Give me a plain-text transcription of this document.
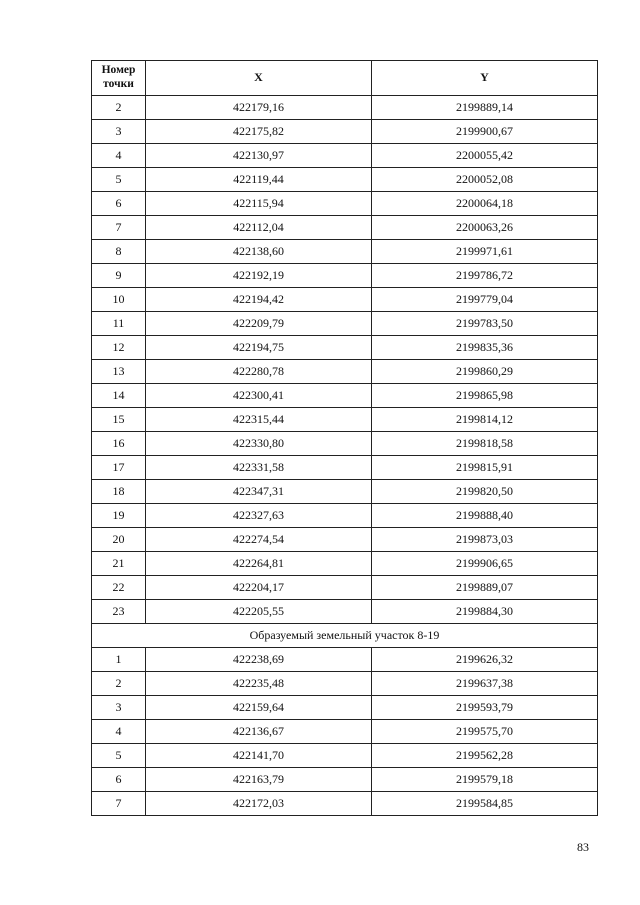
Номер
точки	X	Y
2	422179,16	2199889,14
3	422175,82	2199900,67
4	422130,97	2200055,42
5	422119,44	2200052,08
6	422115,94	2200064,18
7	422112,04	2200063,26
8	422138,60	2199971,61
9	422192,19	2199786,72
10	422194,42	2199779,04
11	422209,79	2199783,50
12	422194,75	2199835,36
13	422280,78	2199860,29
14	422300,41	2199865,98
15	422315,44	2199814,12
16	422330,80	2199818,58
17	422331,58	2199815,91
18	422347,31	2199820,50
19	422327,63	2199888,40
20	422274,54	2199873,03
21	422264,81	2199906,65
22	422204,17	2199889,07
23	422205,55	2199884,30
Образуемый земельный участок 8-19		
1	422238,69	2199626,32
2	422235,48	2199637,38
3	422159,64	2199593,79
4	422136,67	2199575,70
5	422141,70	2199562,28
6	422163,79	2199579,18
7	422172,03	2199584,85
83
